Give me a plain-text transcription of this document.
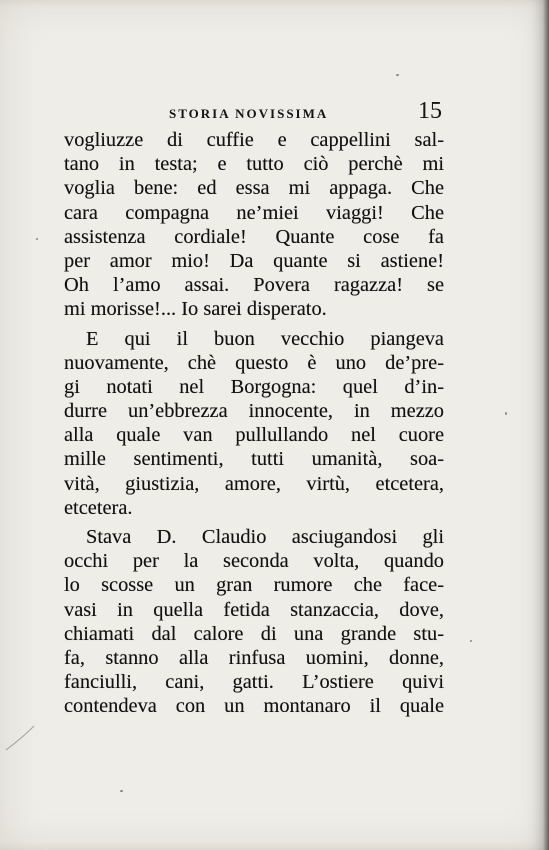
STORIA NOVISSIMA	15
vogliuzze di cuffie e cappellini sal-
tano in testa; e tutto ciò perchè mi
voglia bene: ed essa mi appaga. Che
cara compagna ne’miei viaggi! Che
assistenza cordiale! Quante cose fa
per amor mio! Da quante si astiene!
Oh l’amo assai. Povera ragazza! se
mi morisse!... Io sarei disperato.
E qui il buon vecchio piangeva
nuovamente, chè questo è uno de’pre-
gi notati nel Borgogna: quel d’in-
durre un’ebbrezza innocente, in mezzo
alla quale van pullullando nel cuore
mille sentimenti, tutti umanità, soa-
vità, giustizia, amore, virtù, etcetera,
etcetera.
Stava D. Claudio asciugandosi gli
occhi per la seconda volta, quando
lo scosse un gran rumore che face-
vasi in quella fetida stanzaccia, dove,
chiamati dal calore di una grande stu-
fa, stanno alla rinfusa uomini, donne,
fanciulli, cani, gatti. L’ostiere quivi
contendeva con un montanaro il quale
